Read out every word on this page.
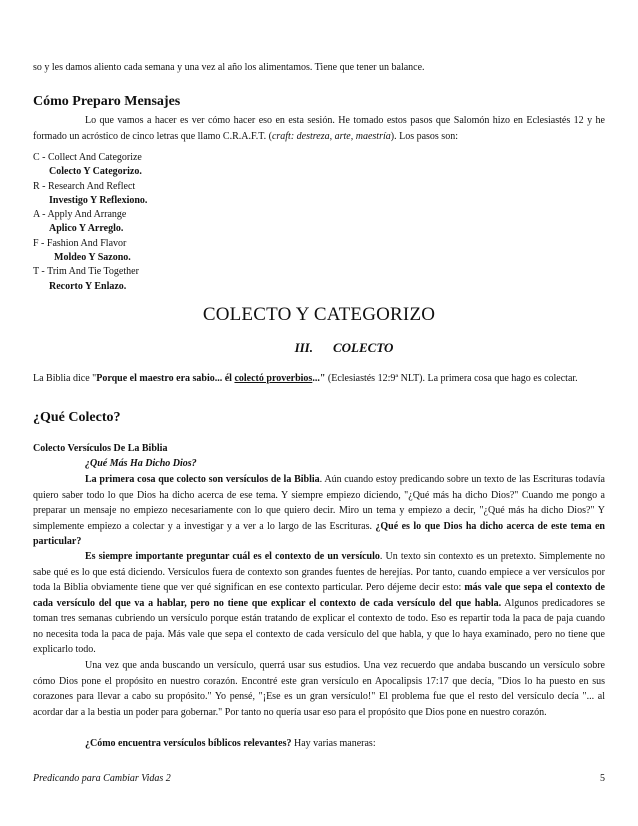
so y les damos aliento cada semana y una vez al año los alimentamos. Tiene que tener un balance.
Cómo Preparo Mensajes

Lo que vamos a hacer es ver cómo hacer eso en esta sesión. He tomado estos pasos que Salomón hizo en Eclesiastés 12 y he formado un acróstico de cinco letras que llamo C.R.A.F.T. (craft: destreza, arte, maestría). Los pasos son:

C - Collect And Categorize
Colecto Y Categorizo.
R - Research And Reflect
Investigo Y Reflexiono.
A - Apply And Arrange
Aplico Y Arreglo.
F - Fashion And Flavor
Moldeo Y Sazono.
T - Trim And Tie Together
Recorto Y Enlazo.
COLECTO Y CATEGORIZO
III. COLECTO

La Biblia dice "Porque el maestro era sabio... él colectó proverbios..." (Eclesiastés 12:9ª NLT). La primera cosa que hago es colectar.

¿Qué Colecto?
Colecto Versículos De La Biblia
¿Qué Más Ha Dicho Dios?

La primera cosa que colecto son versículos de la Biblia. Aún cuando estoy predicando sobre un texto de las Escrituras todavía quiero saber todo lo que Dios ha dicho acerca de ese tema. Y siempre empiezo diciendo, "¿Qué más ha dicho Dios?" Cuando me pongo a preparar un mensaje no empiezo necesariamente con lo que quiero decir. Miro un tema y empiezo a decir, "¿Qué más ha dicho Dios?" Y simplemente empiezo a colectar y a investigar y a ver a lo largo de las Escrituras. ¿Qué es lo que Dios ha dicho acerca de este tema en particular?

Es siempre importante preguntar cuál es el contexto de un versículo. Un texto sin contexto es un pretexto. Simplemente no sabe qué es lo que está diciendo. Versículos fuera de contexto son grandes fuentes de herejías. Por tanto, cuando empiece a ver versículos por toda la Biblia obviamente tiene que ver qué significan en ese contexto particular. Pero déjeme decir esto: más vale que sepa el contexto de cada versículo del que va a hablar, pero no tiene que explicar el contexto de cada versículo del que habla. Algunos predicadores se toman tres semanas cubriendo un versículo porque están tratando de explicar el contexto de todo. Eso es repartir toda la paca de paja cuando no necesita toda la paca de paja. Más vale que sepa el contexto de cada versículo del que habla, y que lo haya examinado, pero no tiene que explicarlo todo.

Una vez que anda buscando un versículo, querrá usar sus estudios. Una vez recuerdo que andaba buscando un versículo sobre cómo Dios pone el propósito en nuestro corazón. Encontré este gran versículo en Apocalipsis 17:17 que decía, "Dios lo ha puesto en sus corazones para llevar a cabo su propósito." Yo pensé, "¡Ese es un gran versículo!" El problema fue que el resto del versículo decía "... al acordar dar a la bestia un poder para gobernar." Por tanto no quería usar eso para el propósito que Dios pone en nuestro corazón.

¿Cómo encuentra versículos bíblicos relevantes? Hay varias maneras:

Predicando para Cambiar Vidas 2	5
